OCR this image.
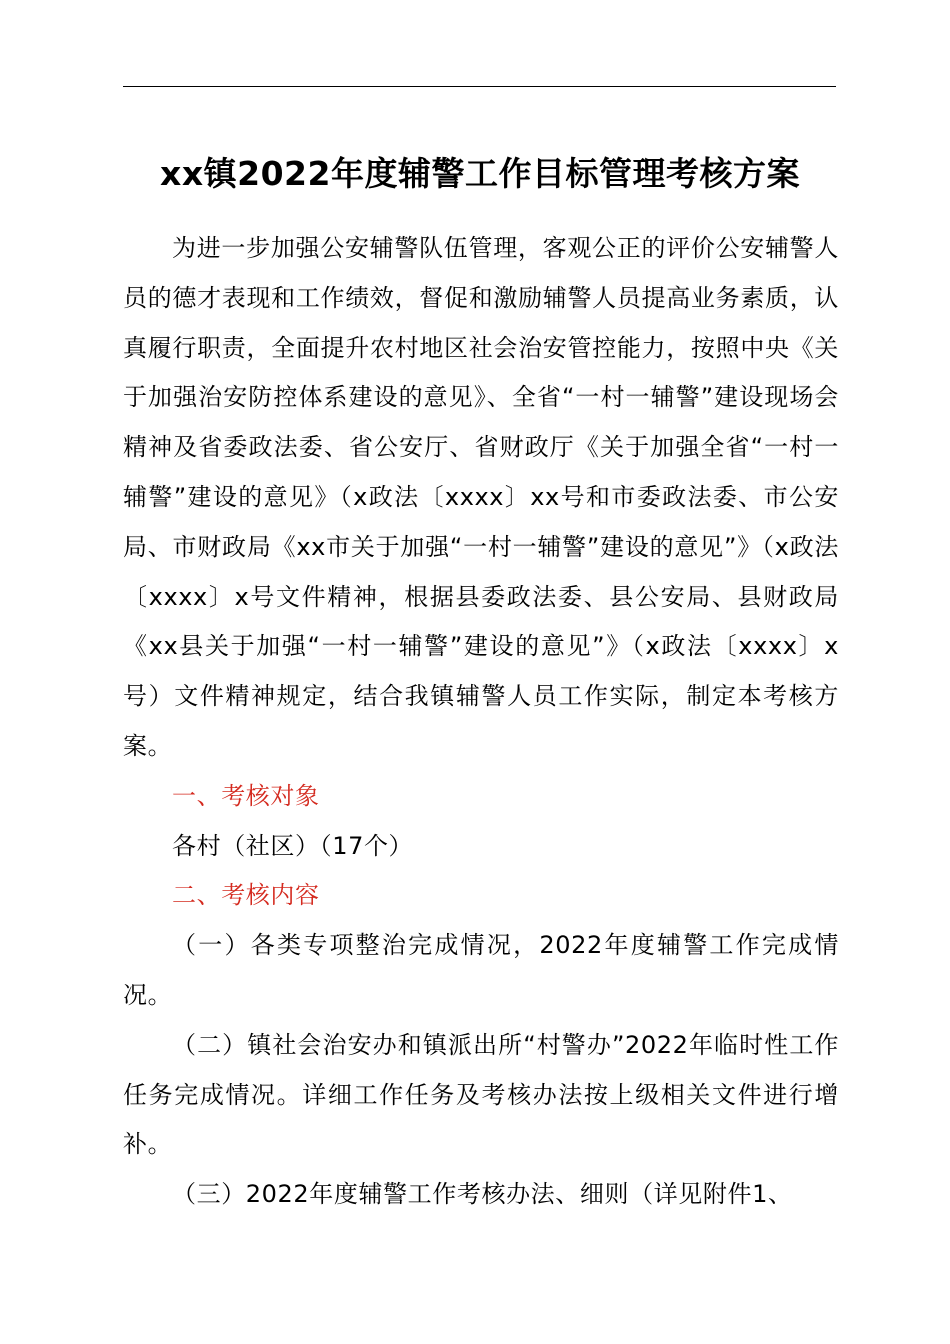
xx镇2022年度辅警工作目标管理考核方案

为进一步加强公安辅警队伍管理，客观公正的评价公安辅警人员的德才表现和工作绩效，督促和激励辅警人员提高业务素质，认真履行职责，全面提升农村地区社会治安管控能力，按照中央《关于加强治安防控体系建设的意见》、全省“一村一辅警”建设现场会精神及省委政法委、省公安厅、省财政厅《关于加强全省“一村一辅警”建设的意见》（x政法〔xxxx〕xx号和市委政法委、市公安局、市财政局《xx市关于加强“一村一辅警”建设的意见”》（x政法〔xxxx〕x号文件精神，根据县委政法委、县公安局、县财政局《xx县关于加强“一村一辅警”建设的意见”》（x政法〔xxxx〕x号）文件精神规定，结合我镇辅警人员工作实际，制定本考核方案。

一、考核对象

各村（社区）（17个）

二、考核内容

（一）各类专项整治完成情况，2022年度辅警工作完成情况。

（二）镇社会治安办和镇派出所“村警办”2022年临时性工作任务完成情况。详细工作任务及考核办法按上级相关文件进行增补。

（三）2022年度辅警工作考核办法、细则（详见附件1、
